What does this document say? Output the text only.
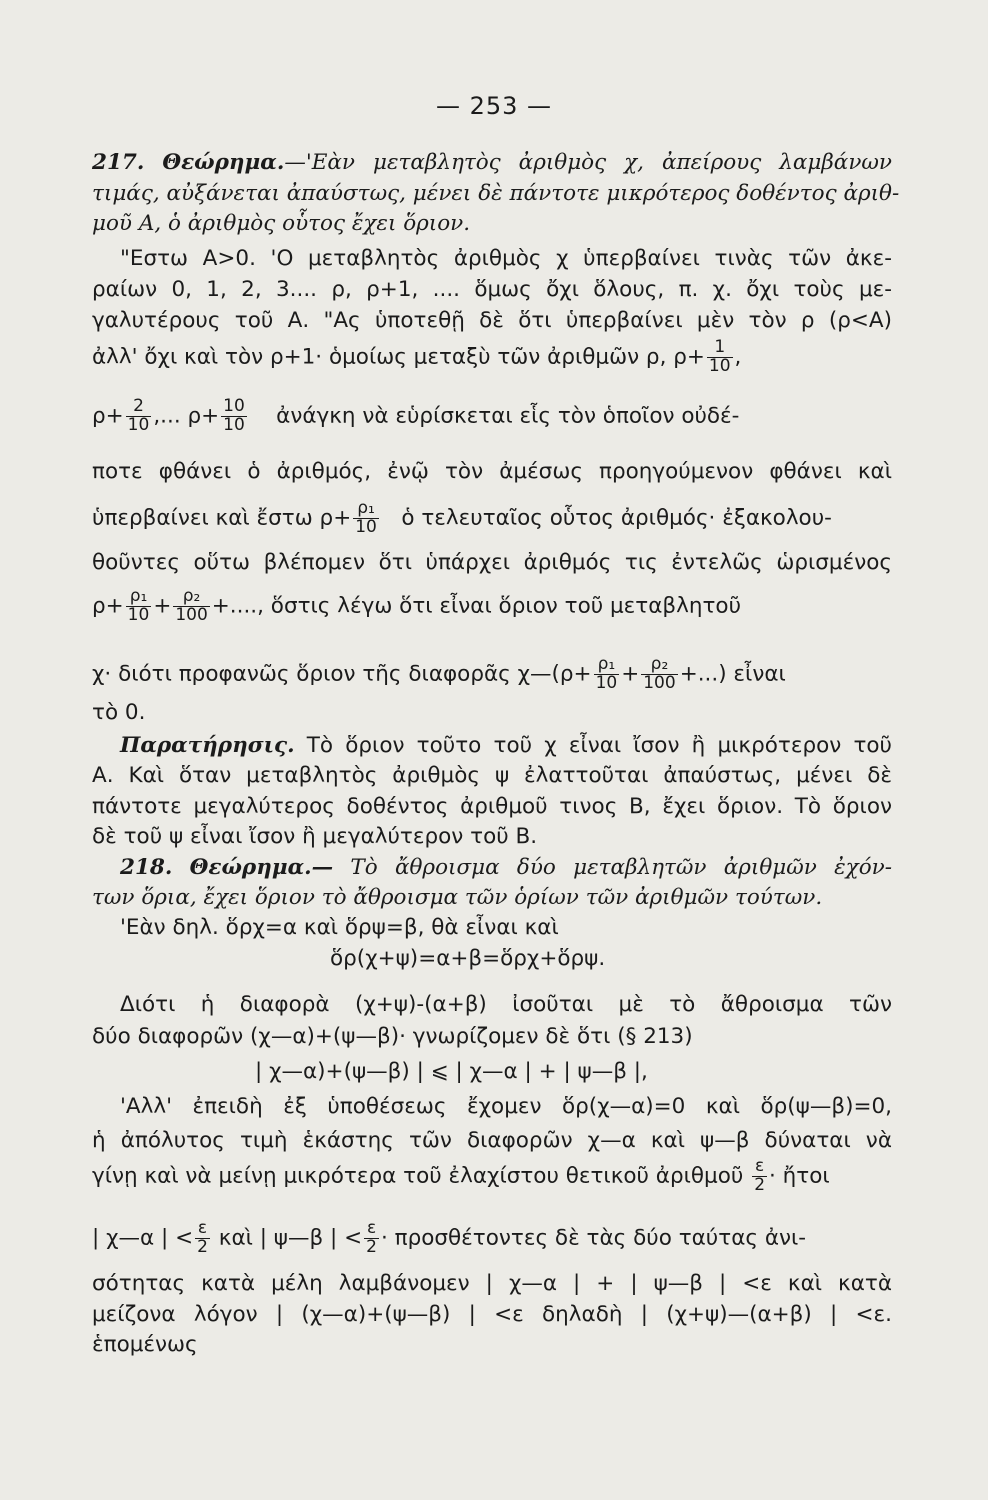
— 253 —
217. Θεώρημα.—'Εὰν μεταβλητὸς ἀριθμὸς χ, ἀπείρους λαμβάνων
τιμάς, αὐξάνεται ἀπαύστως, μένει δὲ πάντοτε μικρότερος δοθέντος ἀριθ-
μοῦ Α, ὁ ἀριθμὸς οὗτος ἔχει ὅριον.
"Εστω Α>0. 'Ο μεταβλητὸς ἀριθμὸς χ ὑπερβαίνει τινὰς τῶν ἀκε-
ραίων 0, 1, 2, 3.... ρ, ρ+1, .... ὅμως ὄχι ὅλους, π. χ. ὄχι τοὺς με-
γαλυτέρους τοῦ Α. "Ας ὑποτεθῇ δὲ ὅτι ὑπερβαίνει μὲν τὸν ρ (ρ<Α)
ἀλλ' ὄχι καὶ τὸν ρ+1· ὁμοίως μεταξὺ τῶν ἀριθμῶν ρ, $\rho+ \frac{1}{10}$ ,
$\rho+ \frac{2}{10}$ ,... $\rho+ \frac{10}{10}$ ἀνάγκη νὰ εὑρίσκεται εἷς τὸν ὁποῖον οὐδέ-
ποτε φθάνει ὁ ἀριθμός, ἐνῷ τὸν ἀμέσως προηγούμενον φθάνει καὶ
ὑπερβαίνει καὶ ἔστω $\rho+ \frac{\text{ρ₁}}{10}$ ὁ τελευταῖος οὗτος ἀριθμός· ἐξακολου-
θοῦντες οὕτω βλέπομεν ὅτι ὑπάρχει ἀριθμός τις ἐντελῶς ὡρισμένος
$\rho+ \frac{\text{ρ₁}}{10} + \frac{\text{ρ₂}}{100}$ +...., ὅστις λέγω ὅτι εἶναι ὅριον τοῦ μεταβλητοῦ
χ· διότι προφανῶς ὅριον τῆς διαφορᾶς χ—(ρ+ $\frac{\text{ρ₁}}{10} + \frac{\text{ρ₂}}{100}$ +...) εἶναι
τὸ 0.
Παρατήρησις. Τὸ ὅριον τοῦτο τοῦ χ εἶναι ἴσον ἢ μικρότερον τοῦ
Α. Καὶ ὅταν μεταβλητὸς ἀριθμὸς ψ ἐλαττοῦται ἀπαύστως, μένει δὲ
πάντοτε μεγαλύτερος δοθέντος ἀριθμοῦ τινος Β, ἔχει ὅριον. Τὸ ὅριον
δὲ τοῦ ψ εἶναι ἴσον ἢ μεγαλύτερον τοῦ Β.
218. Θεώρημα.— Τὸ ἄθροισμα δύο μεταβλητῶν ἀριθμῶν ἐχόν-
των ὅρια, ἔχει ὅριον τὸ ἄθροισμα τῶν ὁρίων τῶν ἀριθμῶν τούτων.
'Εὰν δηλ. ὅρχ=α καὶ ὅρψ=β, θὰ εἶναι καὶ
ὅρ(χ+ψ)=α+β=ὅρχ+ὅρψ.
Διότι ἡ διαφορὰ (χ+ψ)-(α+β) ἰσοῦται μὲ τὸ ἄθροισμα τῶν
δύο διαφορῶν (χ—α)+(ψ—β)· γνωρίζομεν δὲ ὅτι (§ 213)
| χ—α)+(ψ—β) | ⩽ | χ—α | + | ψ—β |,
'Αλλ' ἐπειδὴ ἐξ ὑποθέσεως ἔχομεν ὅρ(χ—α)=0 καὶ ὅρ(ψ—β)=0,
ἡ ἀπόλυτος τιμὴ ἑκάστης τῶν διαφορῶν χ—α καὶ ψ—β δύναται νὰ
γίνῃ καὶ νὰ μείνῃ μικρότερα τοῦ ἐλαχίστου θετικοῦ ἀριθμοῦ $\frac{\varepsilon}{2}$ · ἤτοι
| χ—α | < $\frac{\varepsilon}{2}$ καὶ | ψ—β | < $\frac{\varepsilon}{2} \cdot \pi\rho o\sigma\theta έ\tau o\nu\tau\varepsilon\varsigma$ δὲ τὰς δύο ταύτας ἀνι-
σότητας κατὰ μέλη λαμβάνομεν | χ—α | + | ψ—β | <ε καὶ κατὰ
μείζονα λόγον | (χ—α)+(ψ—β) | <ε δηλαδὴ | (χ+ψ)—(α+β) | <ε.
ἑπομένως
